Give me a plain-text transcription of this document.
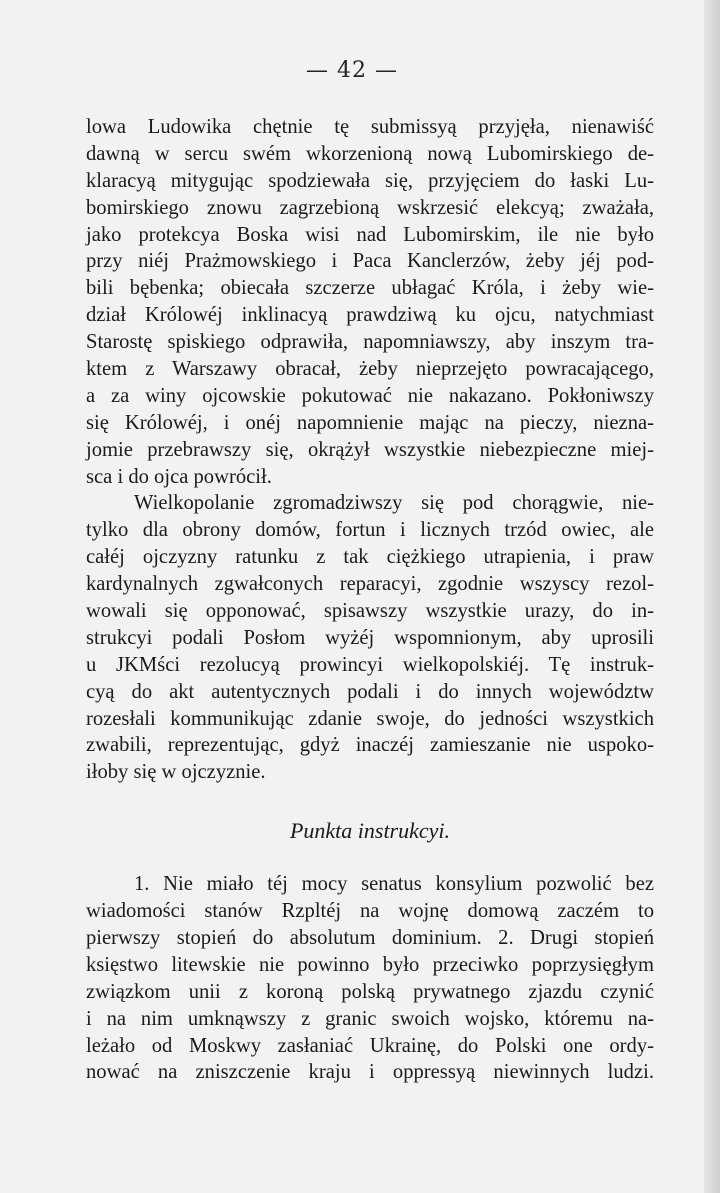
— 42 —
lowa Ludowika chętnie tę submissyą przyjęła, nienawiść
dawną w sercu swém wkorzenioną nową Lubomirskiego de-
klaracyą mitygując spodziewała się, przyjęciem do łaski Lu-
bomirskiego znowu zagrzebioną wskrzesić elekcyą; zważała,
jako protekcya Boska wisi nad Lubomirskim, ile nie było
przy niéj Prażmowskiego i Paca Kanclerzów, żeby jéj pod-
bili bębenka; obiecała szczerze ubłagać Króla, i żeby wie-
dział Królowéj inklinacyą prawdziwą ku ojcu, natychmiast
Starostę spiskiego odprawiła, napomniawszy, aby inszym tra-
ktem z Warszawy obracał, żeby nieprzejęto powracającego,
a za winy ojcowskie pokutować nie nakazano. Pokłoniwszy
się Królowéj, i onéj napomnienie mając na pieczy, niezna-
jomie przebrawszy się, okrążył wszystkie niebezpieczne miej-
sca i do ojca powrócił.
Wielkopolanie zgromadziwszy się pod chorągwie, nie-
tylko dla obrony domów, fortun i licznych trzód owiec, ale
całéj ojczyzny ratunku z tak ciężkiego utrapienia, i praw
kardynalnych zgwałconych reparacyi, zgodnie wszyscy rezol-
wowali się opponować, spisawszy wszystkie urazy, do in-
strukcyi podali Posłom wyżéj wspomnionym, aby uprosili
u JKMści rezolucyą prowincyi wielkopolskiéj. Tę instruk-
cyą do akt autentycznych podali i do innych województw
rozesłali kommunikując zdanie swoje, do jedności wszystkich
zwabili, reprezentując, gdyż inaczéj zamieszanie nie uspoko-
iłoby się w ojczyznie.
Punkta instrukcyi.
1. Nie miało téj mocy senatus konsylium pozwolić bez
wiadomości stanów Rzpltéj na wojnę domową zaczém to
pierwszy stopień do absolutum dominium. 2. Drugi stopień
księstwo litewskie nie powinno było przeciwko poprzysięgłym
związkom unii z koroną polską prywatnego zjazdu czynić
i na nim umknąwszy z granic swoich wojsko, któremu na-
leżało od Moskwy zasłaniać Ukrainę, do Polski one ordy-
nować na zniszczenie kraju i oppressyą niewinnych ludzi.
